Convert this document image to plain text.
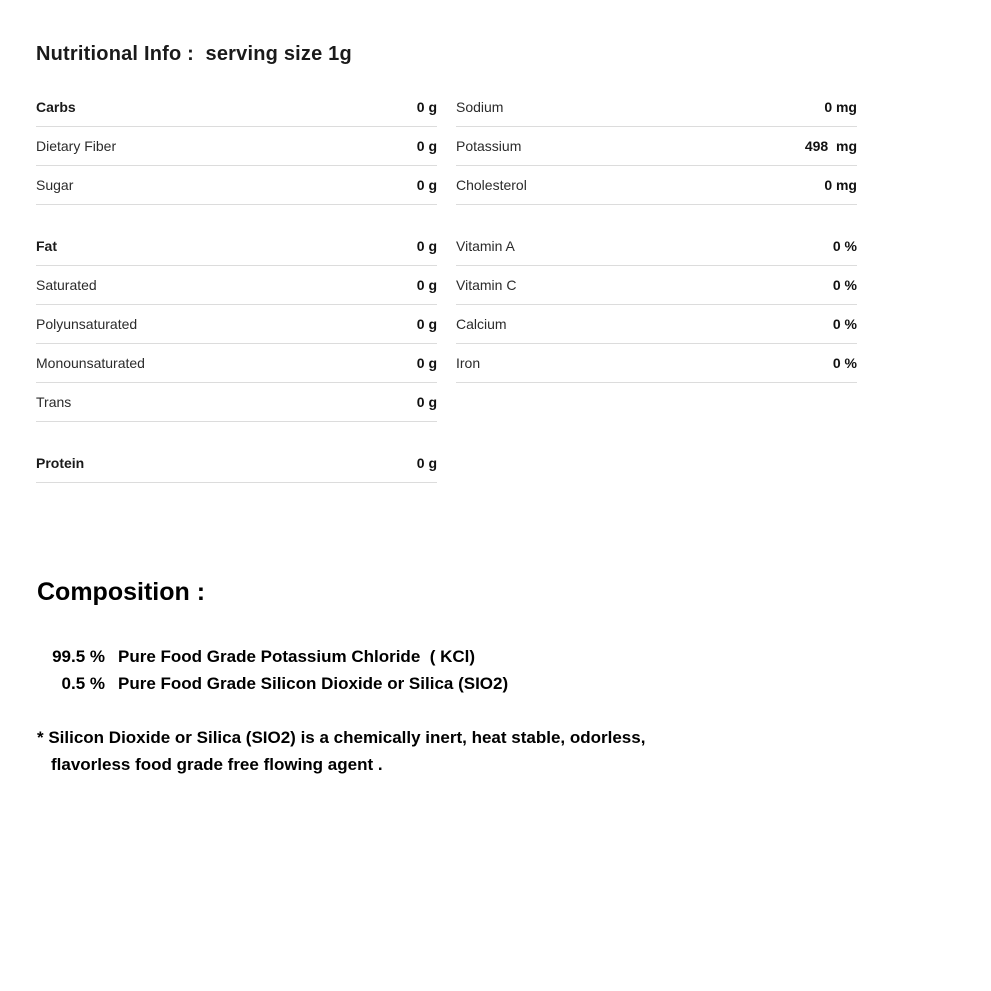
Nutritional Info :  serving size 1g
Carbs	0 g
Dietary Fiber	0 g
Sugar	0 g
Fat	0 g
Saturated	0 g
Polyunsaturated	0 g
Monounsaturated	0 g
Trans	0 g
Protein	0 g
Sodium	0 mg
Potassium	498  mg
Cholesterol	0 mg
Vitamin A	0 %
Vitamin C	0 %
Calcium	0 %
Iron	0 %
Composition :
99.5 % Pure Food Grade Potassium Chloride  ( KCl)
0.5 % Pure Food Grade Silicon Dioxide or Silica (SIO2)
* Silicon Dioxide or Silica (SIO2) is a chemically inert, heat stable, odorless,
flavorless food grade free flowing agent .
